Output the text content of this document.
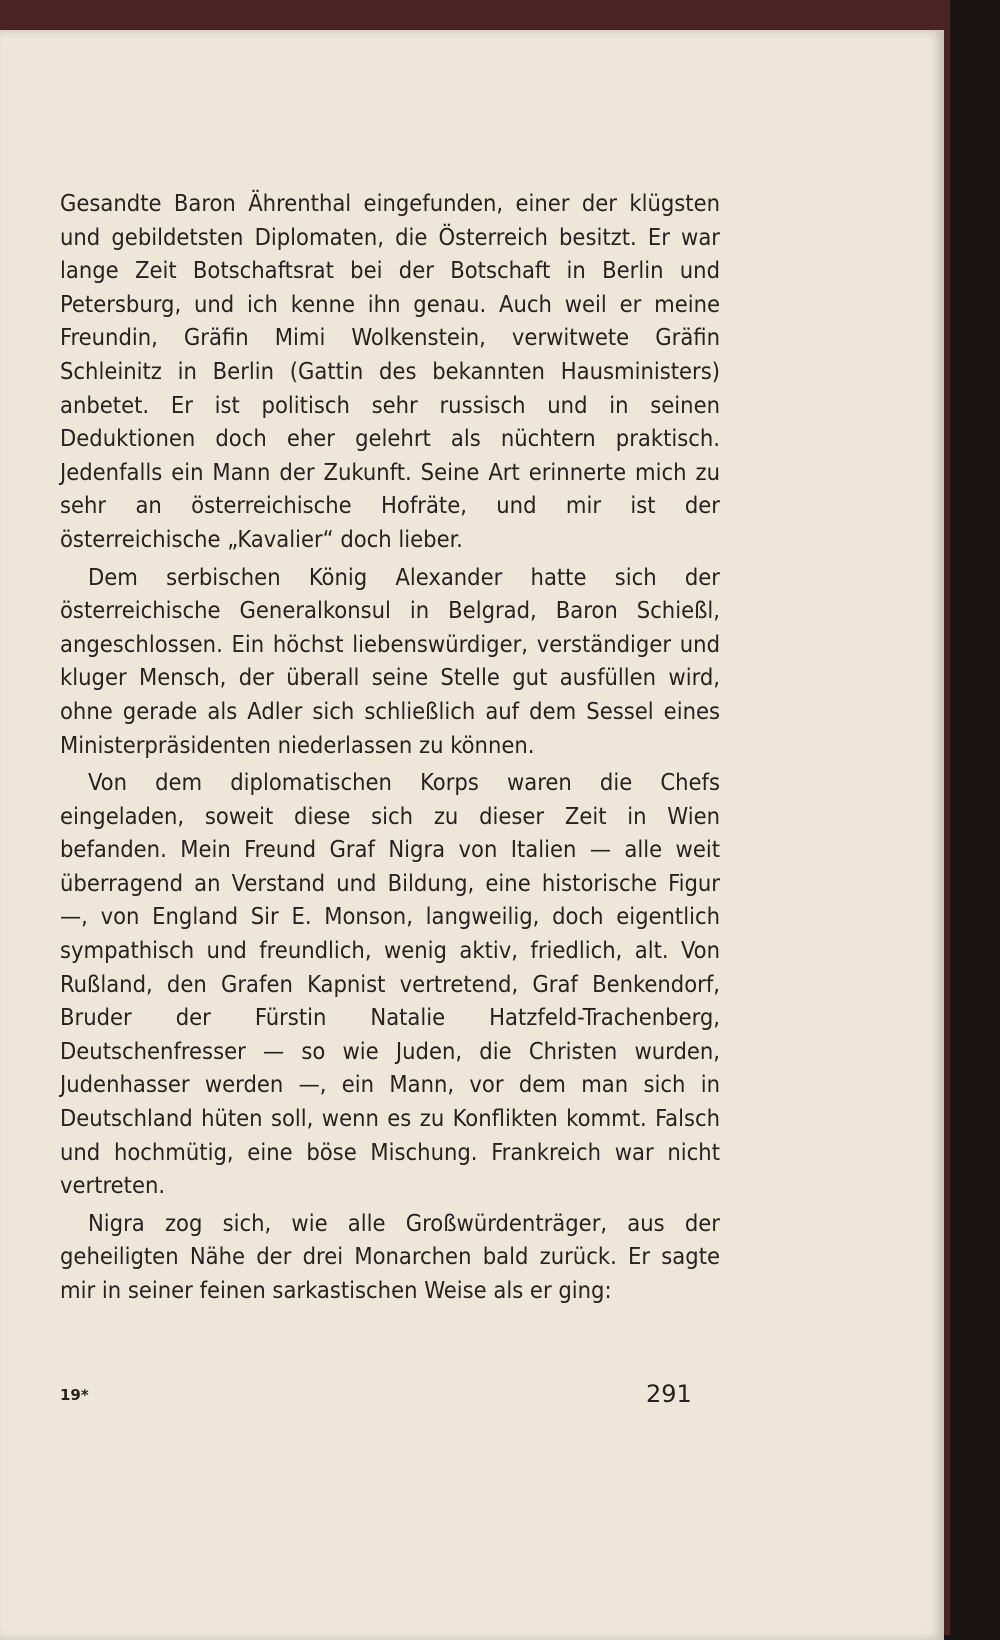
Gesandte Baron Ährenthal eingefunden, einer der klügsten und gebildetsten Diplomaten, die Österreich besitzt. Er war lange Zeit Botschaftsrat bei der Botschaft in Berlin und Petersburg, und ich kenne ihn genau. Auch weil er meine Freundin, Gräfin Mimi Wolkenstein, verwitwete Gräfin Schleinitz in Berlin (Gattin des bekannten Hausministers) anbetet. Er ist politisch sehr russisch und in seinen Deduktionen doch eher gelehrt als nüchtern praktisch. Jedenfalls ein Mann der Zukunft. Seine Art erinnerte mich zu sehr an österreichische Hofräte, und mir ist der österreichische „Kavalier“ doch lieber.

Dem serbischen König Alexander hatte sich der österreichische Generalkonsul in Belgrad, Baron Schießl, angeschlossen. Ein höchst liebenswürdiger, verständiger und kluger Mensch, der überall seine Stelle gut ausfüllen wird, ohne gerade als Adler sich schließlich auf dem Sessel eines Ministerpräsidenten niederlassen zu können.

Von dem diplomatischen Korps waren die Chefs eingeladen, soweit diese sich zu dieser Zeit in Wien befanden. Mein Freund Graf Nigra von Italien — alle weit überragend an Verstand und Bildung, eine historische Figur —, von England Sir E. Monson, langweilig, doch eigentlich sympathisch und freundlich, wenig aktiv, friedlich, alt. Von Rußland, den Grafen Kapnist vertretend, Graf Benkendorf, Bruder der Fürstin Natalie Hatzfeld-Trachenberg, Deutschenfresser — so wie Juden, die Christen wurden, Judenhasser werden —, ein Mann, vor dem man sich in Deutschland hüten soll, wenn es zu Konflikten kommt. Falsch und hochmütig, eine böse Mischung. Frankreich war nicht vertreten.

Nigra zog sich, wie alle Großwürdenträger, aus der geheiligten Nähe der drei Monarchen bald zurück. Er sagte mir in seiner feinen sarkastischen Weise als er ging:

19*	291
